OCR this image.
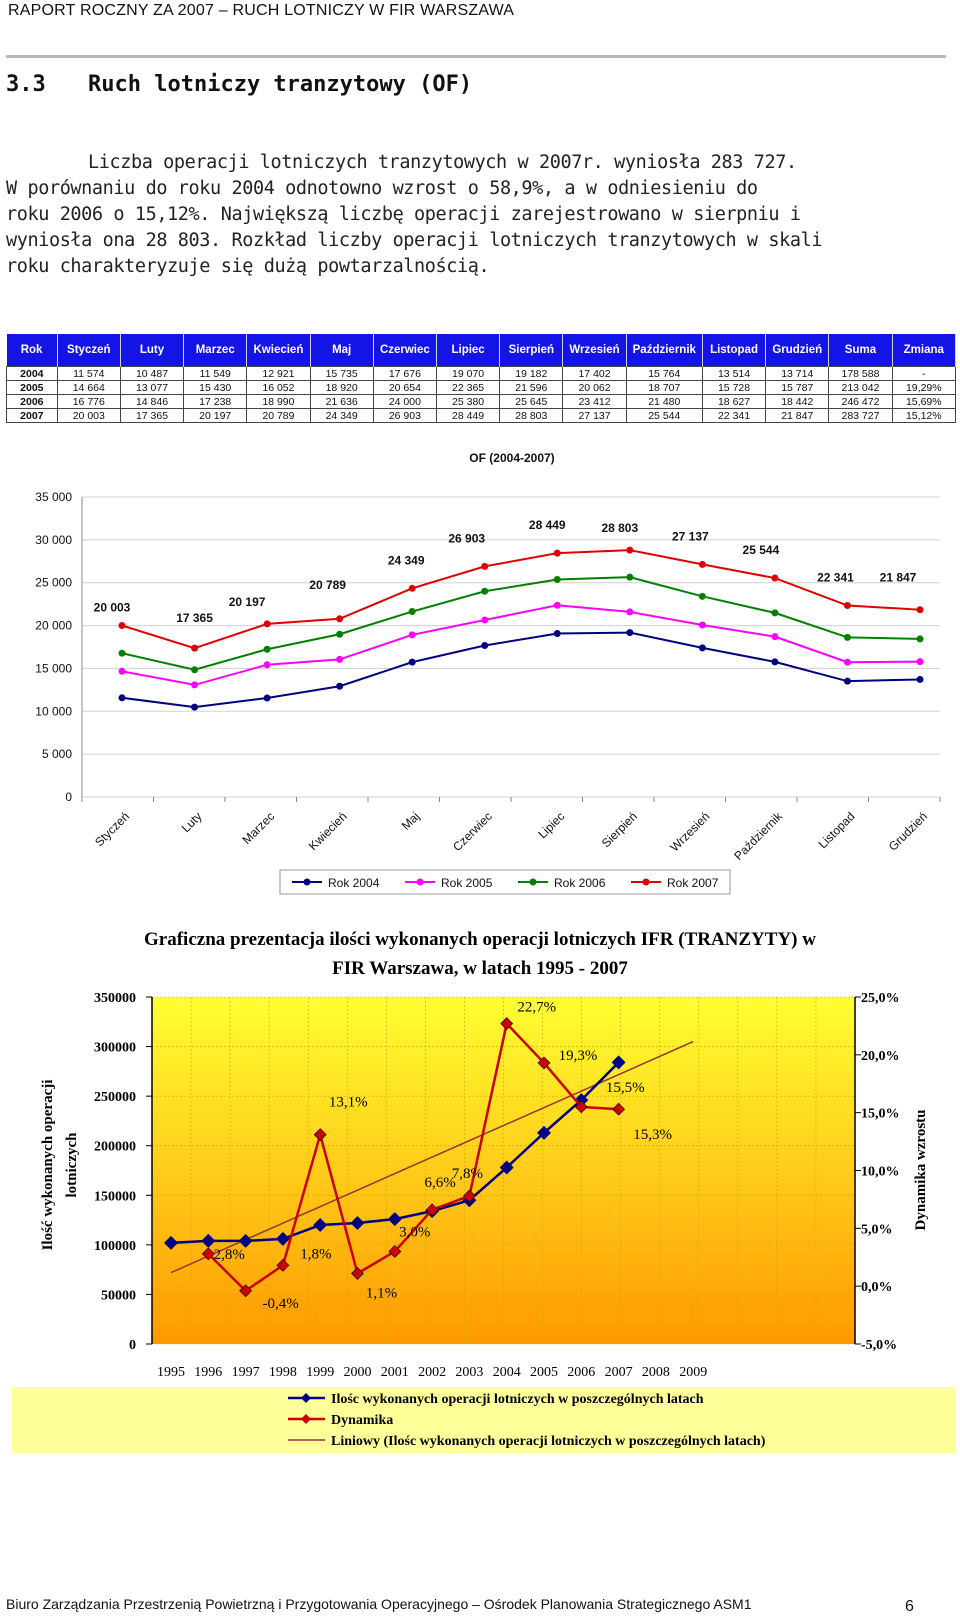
RAPORT ROCZNY ZA 2007 – RUCH LOTNICZY W FIR WARSZAWA
3.3 Ruch lotniczy tranzytowy (OF)
Liczba operacji lotniczych tranzytowych w 2007r. wyniosła 283 727.
W porównaniu do roku 2004 odnotowno wzrost o 58,9%, a w odniesieniu do
roku 2006 o 15,12%. Największą liczbę operacji zarejestrowano w sierpniu i
wyniosła ona 28 803. Rozkład liczby operacji lotniczych tranzytowych w skali
roku charakteryzuje się dużą powtarzalnością.
Rok	Styczeń	Luty	Marzec	Kwiecień	Maj	Czerwiec	Lipiec	Sierpień	Wrzesień	Październik	Listopad	Grudzień	Suma	Zmiana
2004	11 574	10 487	11 549	12 921	15 735	17 676	19 070	19 182	17 402	15 764	13 514	13 714	178 588	-
2005	14 664	13 077	15 430	16 052	18 920	20 654	22 365	21 596	20 062	18 707	15 728	15 787	213 042	19,29%
2006	16 776	14 846	17 238	18 990	21 636	24 000	25 380	25 645	23 412	21 480	18 627	18 442	246 472	15,69%
2007	20 003	17 365	20 197	20 789	24 349	26 903	28 449	28 803	27 137	25 544	22 341	21 847	283 727	15,12%
OF (2004-2007)
0
5 000
10 000
15 000
20 000
25 000
30 000
35 000
Styczeń	Luty	Marzec Kwiecień	Maj Czerwiec	Lipiec	Sierpień Wrzesień Październik	Listopad Grudzień
20 003
17 365
20 197
20 789
24 349
26 903
28 449	28 803
27 137
25 544
22 341 21 847
Rok 2004	Rok 2005	Rok 2006	Rok 2007
Graficzna prezentacja ilości wykonanych operacji lotniczych IFR (TRANZYTY) w FIR Warszawa, w latach 1995 - 2007
0
50000
100000
150000
200000
250000
300000
350000
-5,0%
0,0%
5,0%
10,0%
15,0%
20,0%
25,0%
Ilość wykonanych operacji lotniczych	Dynamika wzrostu
1995 1996 1997 1998 1999 2000 2001 2002 2003 2004 2005 2006 2007 2008 2009
2,8%
-0,4%
1,8%
13,1%
1,1%
3,0%
6,6%
7,8%
22,7%
19,3%
15,5%
15,3%
Ilośc wykonanych operacji lotniczych w poszczególnych latach
Dynamika
Liniowy (Ilośc wykonanych operacji lotniczych w poszczególnych latach)
Biuro Zarządzania Przestrzenią Powietrzną i Przygotowania Operacyjnego – Ośrodek Planowania Strategicznego ASM1	6
